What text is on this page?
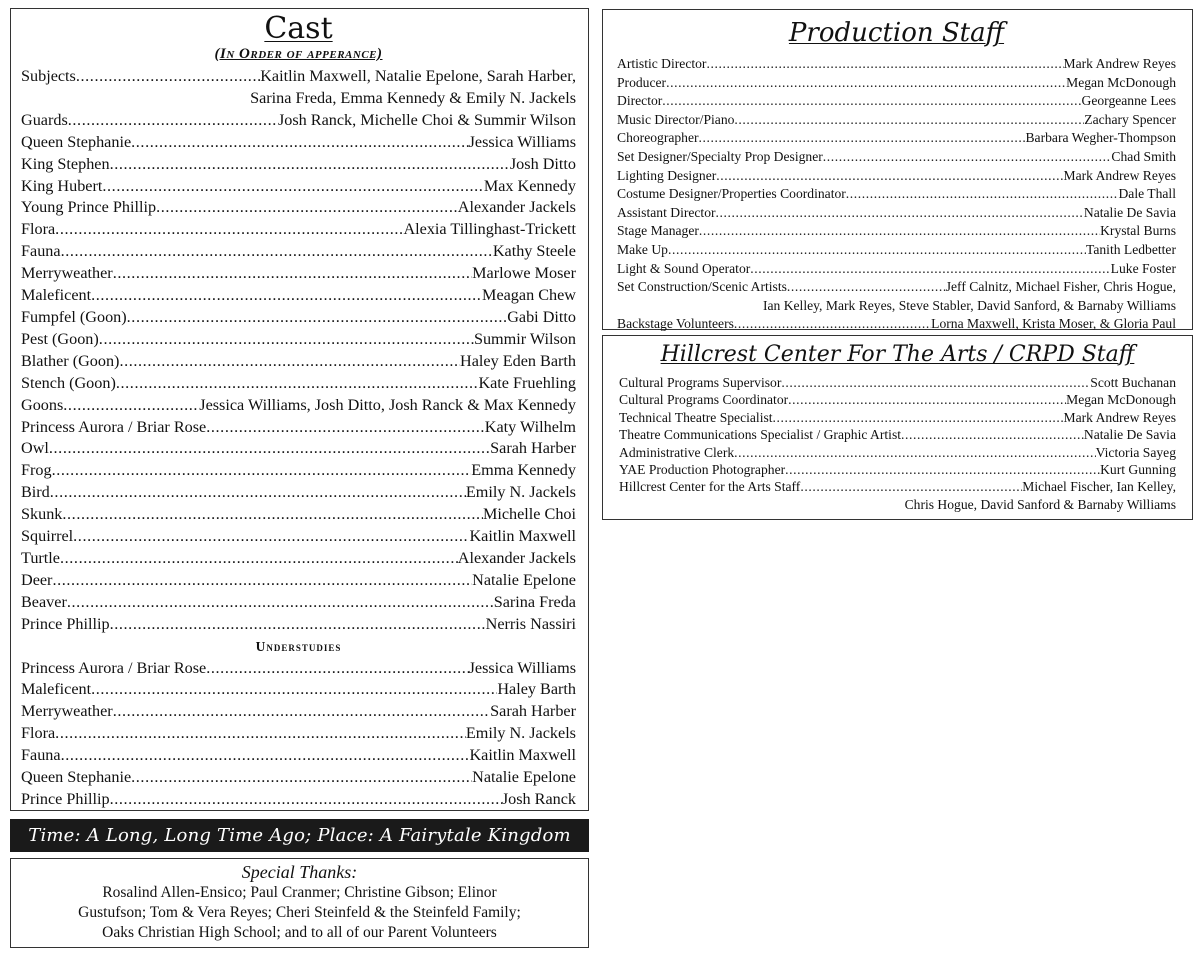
Cast
(In Order of apperance)
Subjects .....	Kaitlin Maxwell, Natalie Epelone, Sarah Harber,
Sarina Freda, Emma Kennedy & Emily N. Jackels
Guards .....	Josh Ranck, Michelle Choi & Summir Wilson
Queen Stephanie .....	Jessica Williams
King Stephen .....	Josh Ditto
King Hubert .....	Max Kennedy
Young Prince Phillip .....	Alexander Jackels
Flora .....	Alexia Tillinghast-Trickett
Fauna .....	Kathy Steele
Merryweather .....	Marlowe Moser
Maleficent .....	Meagan Chew
Fumpfel (Goon) .....	Gabi Ditto
Pest (Goon) .....	Summir Wilson
Blather (Goon) .....	Haley Eden Barth
Stench (Goon) .....	Kate Fruehling
Goons .....	Jessica Williams, Josh Ditto, Josh Ranck & Max Kennedy
Princess Aurora / Briar Rose .....	Katy Wilhelm
Owl .....	Sarah Harber
Frog .....	Emma Kennedy
Bird .....	Emily N. Jackels
Skunk .....	Michelle Choi
Squirrel .....	Kaitlin Maxwell
Turtle .....	Alexander Jackels
Deer .....	Natalie Epelone
Beaver .....	Sarina Freda
Prince Phillip .....	Nerris Nassiri
Understudies
Princess Aurora / Briar Rose .....	Jessica Williams
Maleficent .....	Haley Barth
Merryweather .....	Sarah Harber
Flora .....	Emily N. Jackels
Fauna .....	Kaitlin Maxwell
Queen Stephanie .....	Natalie Epelone
Prince Phillip .....	Josh Ranck
Time: A Long, Long Time Ago; Place: A Fairytale Kingdom
Special Thanks:
Rosalind Allen-Ensico; Paul Cranmer; Christine Gibson; Elinor
Gustufson; Tom & Vera Reyes; Cheri Steinfeld & the Steinfeld Family;
Oaks Christian High School; and to all of our Parent Volunteers
Production Staff
Artistic Director .....	Mark Andrew Reyes
Producer .....	Megan McDonough
Director .....	Georgeanne Lees
Music Director/Piano .....	Zachary Spencer
Choreographer .....	Barbara Wegher-Thompson
Set Designer/Specialty Prop Designer .....	Chad Smith
Lighting Designer .....	Mark Andrew Reyes
Costume Designer/Properties Coordinator .....	Dale Thall
Assistant Director .....	Natalie De Savia
Stage Manager .....	Krystal Burns
Make Up .....	Tanith Ledbetter
Light & Sound Operator .....	Luke Foster
Set Construction/Scenic Artists .....	Jeff Calnitz, Michael Fisher, Chris Hogue,
Ian Kelley, Mark Reyes, Steve Stabler, David Sanford, & Barnaby Williams
Backstage Volunteers .....	Lorna Maxwell, Krista Moser, & Gloria Paul
Hillcrest Center For The Arts / CRPD Staff
Cultural Programs Supervisor .....	Scott Buchanan
Cultural Programs Coordinator .....	Megan McDonough
Technical Theatre Specialist .....	Mark Andrew Reyes
Theatre Communications Specialist / Graphic Artist .....	Natalie De Savia
Administrative Clerk .....	Victoria Sayeg
YAE Production Photographer .....	Kurt Gunning
Hillcrest Center for the Arts Staff .....	Michael Fischer, Ian Kelley,
Chris Hogue, David Sanford & Barnaby Williams
